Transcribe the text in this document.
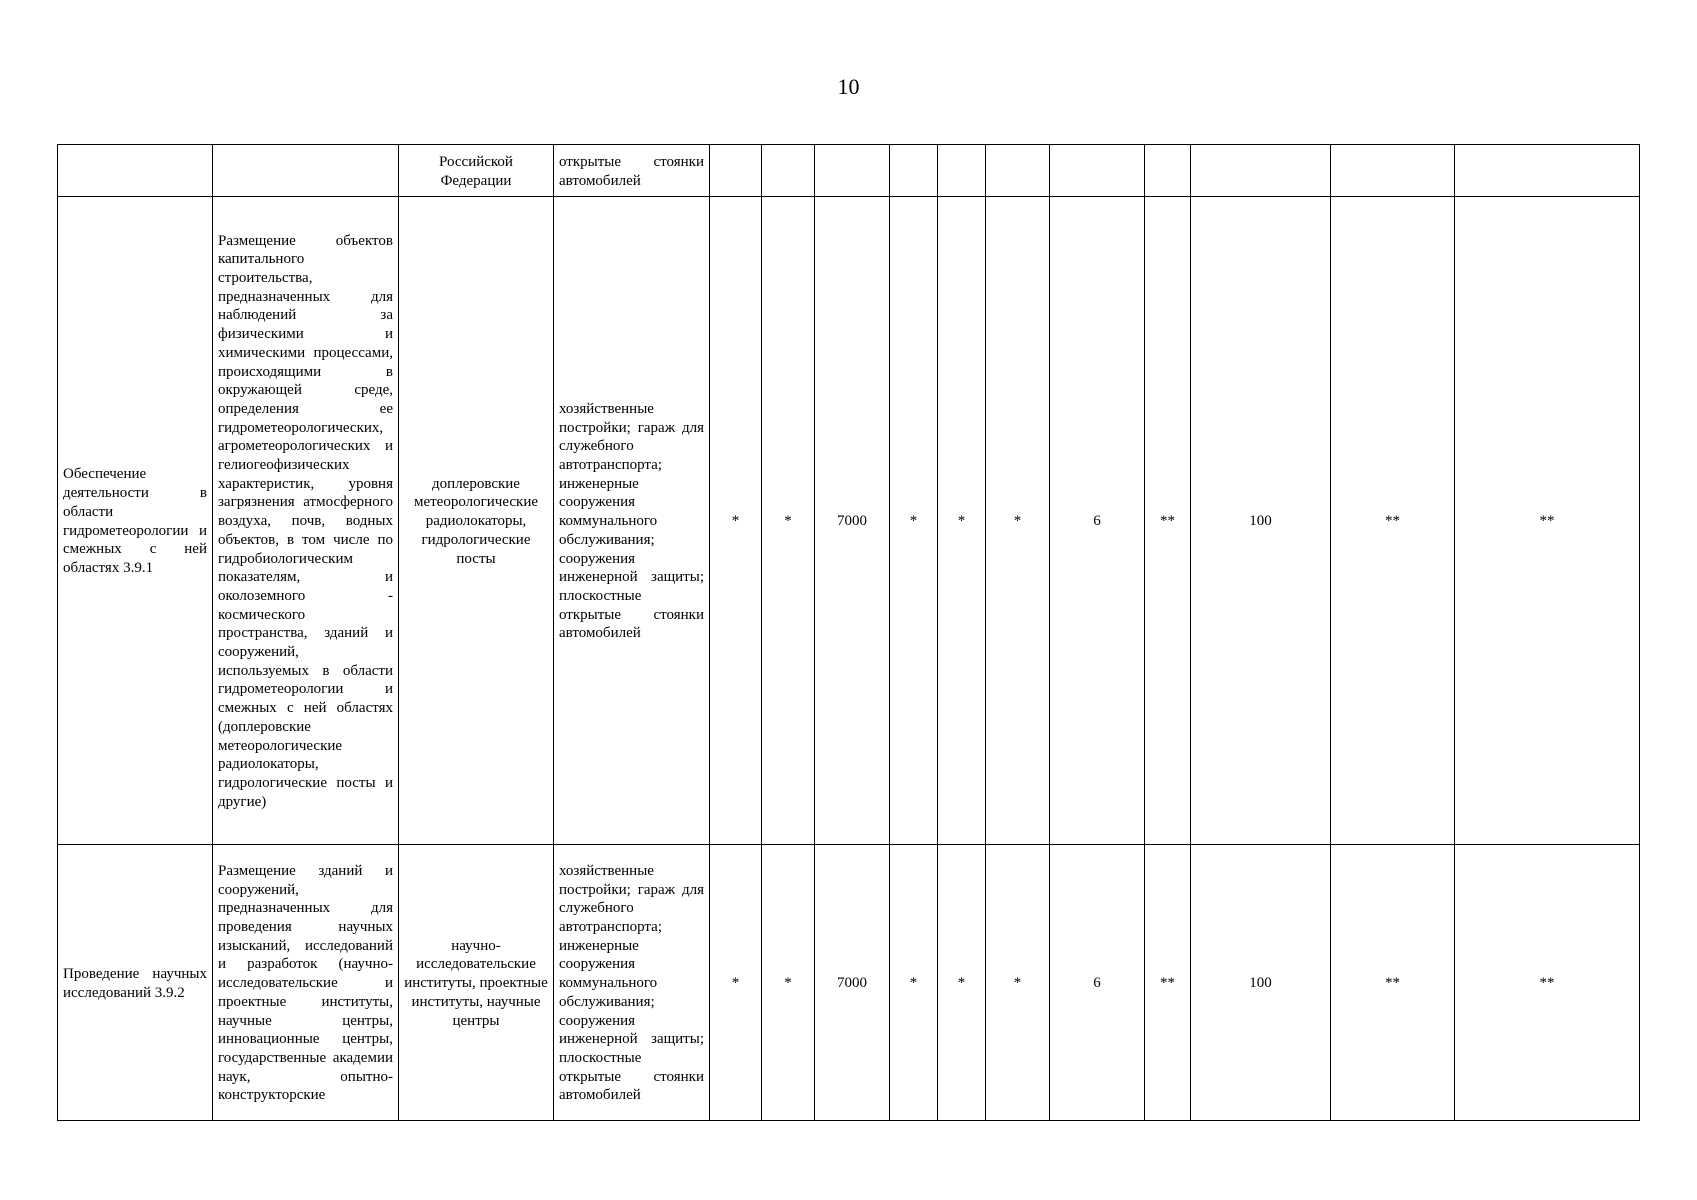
10
		Российской Федерации	открытые стоянки автомобилей											
Обеспечение деятельности в области гидрометеорологии и смежных с ней областях 3.9.1	Размещение объектов капитального строительства, предназначенных для наблюдений за физическими и химическими процессами, происходящими в окружающей среде, определения ее гидрометеорологических, агрометеорологических и гелиогеофизических характеристик, уровня загрязнения атмосферного воздуха, почв, водных объектов, в том числе по гидробиологическим показателям, и околоземного - космического пространства, зданий и сооружений, используемых в области гидрометеорологии и смежных с ней областях (доплеровские метеорологические радиолокаторы, гидрологические посты и другие)	доплеровские метеорологические радиолокаторы, гидрологические посты	хозяйственные постройки; гараж для служебного автотранспорта; инженерные сооружения коммунального обслуживания; сооружения инженерной защиты; плоскостные открытые стоянки автомобилей	*	*	7000	*	*	*	6	**	100	**	**
Проведение научных исследований 3.9.2	Размещение зданий и сооружений, предназначенных для проведения научных изысканий, исследований и разработок (научно-исследовательские и проектные институты, научные центры, инновационные центры, государственные академии наук, опытно-конструкторские	научно-исследовательские институты, проектные институты, научные центры	хозяйственные постройки; гараж для служебного автотранспорта; инженерные сооружения коммунального обслуживания; сооружения инженерной защиты; плоскостные открытые стоянки автомобилей	*	*	7000	*	*	*	6	**	100	**	**
